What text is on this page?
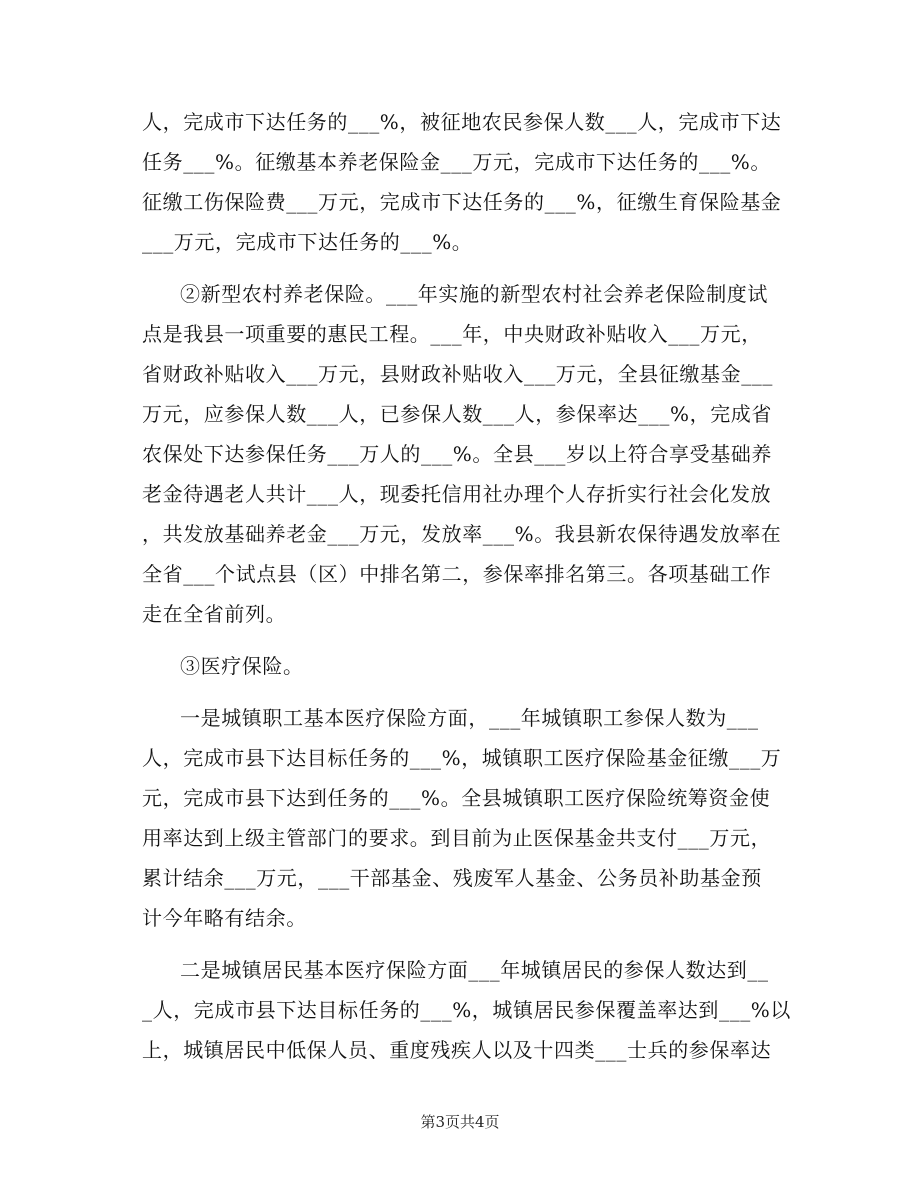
人，完成市下达任务的___%，被征地农民参保人数___人，完成市下达
任务___%。征缴基本养老保险金___万元，完成市下达任务的___%。
征缴工伤保险费___万元，完成市下达任务的___%，征缴生育保险基金
___万元，完成市下达任务的___%。
②新型农村养老保险。___年实施的新型农村社会养老保险制度试
点是我县一项重要的惠民工程。___年，中央财政补贴收入___万元，
省财政补贴收入___万元，县财政补贴收入___万元，全县征缴基金___
万元，应参保人数___人，已参保人数___人，参保率达___%，完成省
农保处下达参保任务___万人的___%。全县___岁以上符合享受基础养
老金待遇老人共计___人，现委托信用社办理个人存折实行社会化发放
，共发放基础养老金___万元，发放率___%。我县新农保待遇发放率在
全省___个试点县（区）中排名第二，参保率排名第三。各项基础工作
走在全省前列。
③医疗保险。
一是城镇职工基本医疗保险方面，___年城镇职工参保人数为___
人，完成市县下达目标任务的___%，城镇职工医疗保险基金征缴___万
元，完成市县下达到任务的___%。全县城镇职工医疗保险统筹资金使
用率达到上级主管部门的要求。到目前为止医保基金共支付___万元，
累计结余___万元，___干部基金、残废军人基金、公务员补助基金预
计今年略有结余。
二是城镇居民基本医疗保险方面___年城镇居民的参保人数达到__
_人，完成市县下达目标任务的___%，城镇居民参保覆盖率达到___%以
上，城镇居民中低保人员、重度残疾人以及十四类___士兵的参保率达
第3页共4页
